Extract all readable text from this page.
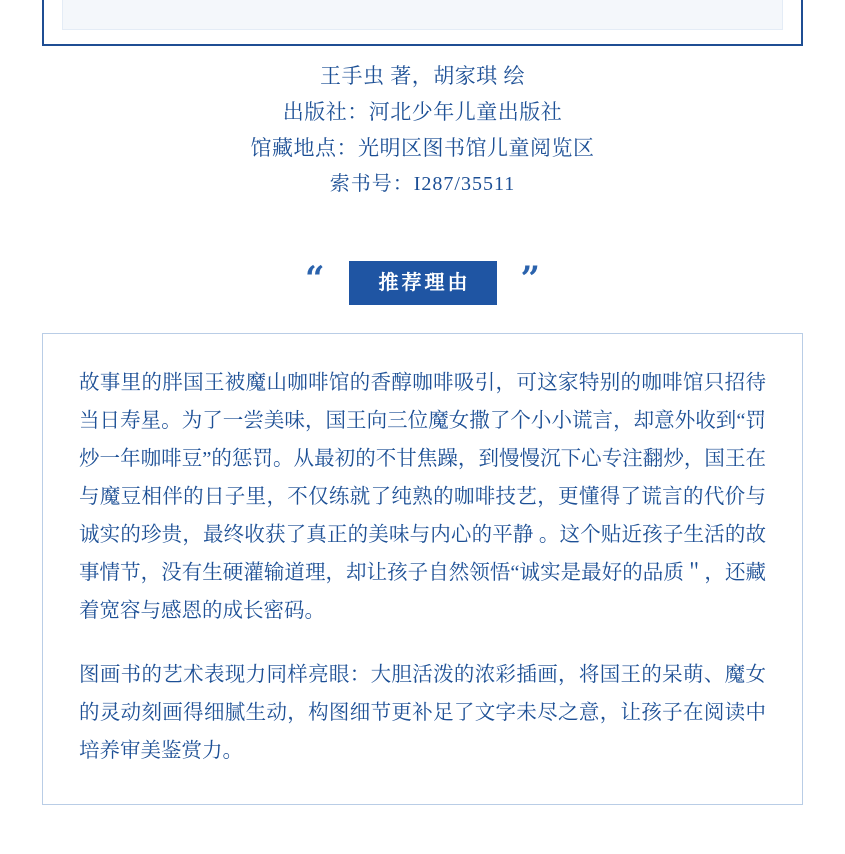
王手虫 著，胡家琪 绘
出版社：河北少年儿童出版社
馆藏地点：光明区图书馆儿童阅览区
索书号：I287/35511
“	推荐理由	”

故事里的胖国王被魔山咖啡馆的香醇咖啡吸引，可这家特别的咖啡馆只招待当日寿星。为了一尝美味，国王向三位魔女撒了个小小谎言，却意外收到“罚炒一年咖啡豆”的惩罚。从最初的不甘焦躁，到慢慢沉下心专注翻炒，国王在与魔豆相伴的日子里，不仅练就了纯熟的咖啡技艺，更懂得了谎言的代价与诚实的珍贵，最终收获了真正的美味与内心的平静 。这个贴近孩子生活的故事情节，没有生硬灌输道理，却让孩子自然领悟“诚实是最好的品质＂，还藏着宽容与感恩的成长密码。

图画书的艺术表现力同样亮眼：大胆活泼的浓彩插画，将国王的呆萌、魔女的灵动刻画得细腻生动，构图细节更补足了文字未尽之意，让孩子在阅读中培养审美鉴赏力。
